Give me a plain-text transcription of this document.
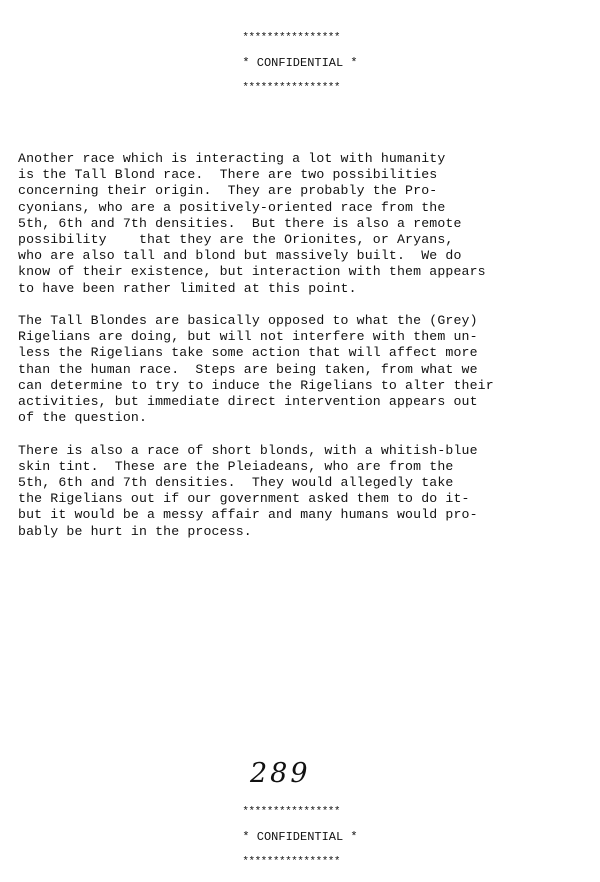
****************

* CONFIDENTIAL *

****************

Another race which is interacting a lot with humanity
is the Tall Blond race.  There are two possibilities
concerning their origin.  They are probably the Pro-
cyonians, who are a positively-oriented race from the
5th, 6th and 7th densities.  But there is also a remote
possibility    that they are the Orionites, or Aryans,
who are also tall and blond but massively built.  We do
know of their existence, but interaction with them appears
to have been rather limited at this point.
The Tall Blondes are basically opposed to what the (Grey)
Rigelians are doing, but will not interfere with them un-
less the Rigelians take some action that will affect more
than the human race.  Steps are being taken, from what we
can determine to try to induce the Rigelians to alter their
activities, but immediate direct intervention appears out
of the question.
There is also a race of short blonds, with a whitish-blue
skin tint.  These are the Pleiadeans, who are from the
5th, 6th and 7th densities.  They would allegedly take
the Rigelians out if our government asked them to do it-
but it would be a messy affair and many humans would pro-
bably be hurt in the process.
289

****************

* CONFIDENTIAL *

****************
